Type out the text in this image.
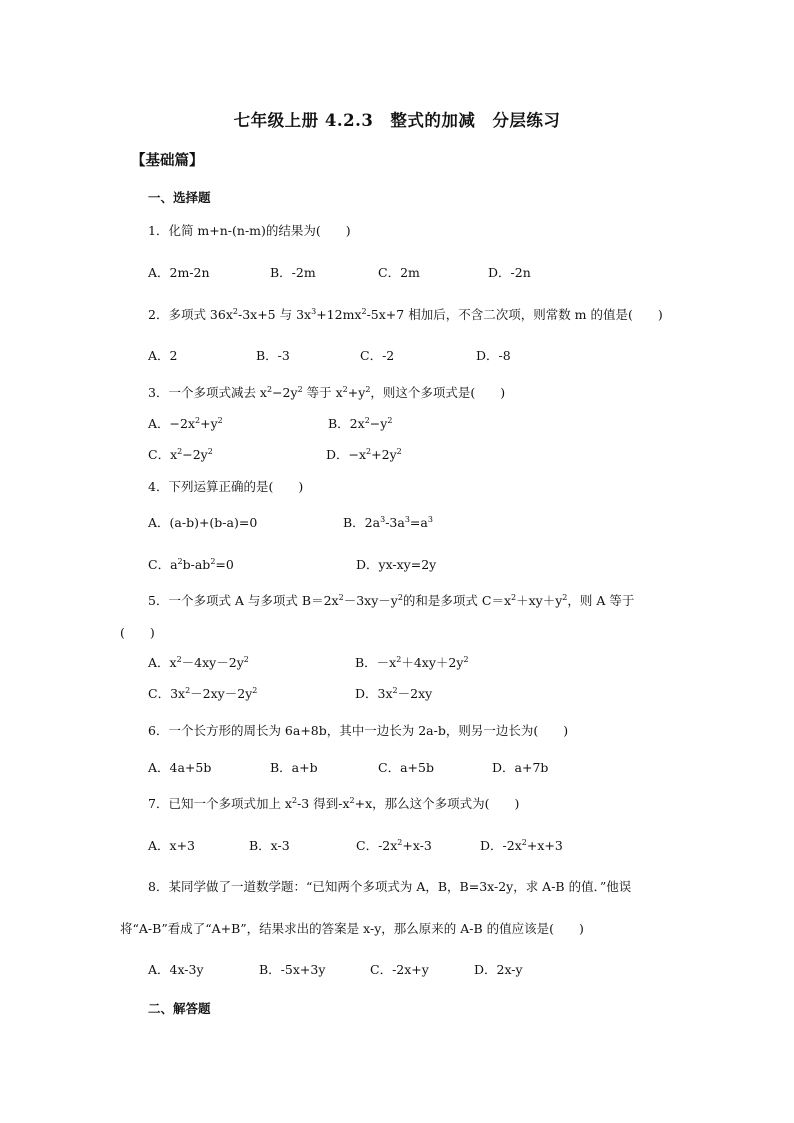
七年级上册 4.2.3　整式的加减　分层练习
【基础篇】
一、选择题
1．化简 m+n-(n-m)的结果为(　　)
A．2m-2n	B．-2m	C．2m	D．-2n
2．多项式 $36x^2-3x+5$ 与 $3x^3+12mx^2-5x+7$ 相加后，不含二次项，则常数 m 的值是(　　)
A．2	B．-3	C．-2	D．-8
3．一个多项式减去 $x^2-2y^2$ 等于 $x^2+y^2$，则这个多项式是(　　)
A．$-2x^2+y^2$	B．$2x^2-y^2$
C．$x^2-2y^2$	D．$-x^2+2y^2$
4．下列运算正确的是(　　)
A．(a-b)+(b-a)=0	B．$2a^3-3a^3=a^3$
C．$a^2b-ab^2=0$	D．yx-xy=2y
5．一个多项式 A 与多项式 $B=2x^2-3xy-y^2$的和是多项式 $C=x^2+xy+y^2$，则 A 等于
(　　)
A．$x^2-4xy-2y^2$	B．$-x^2+4xy+2y^2$
C．$3x^2-2xy-2y^2$	D．$3x^2-2xy$
6．一个长方形的周长为 6a+8b，其中一边长为 2a-b，则另一边长为(　　)
A．4a+5b	B．a+b	C．a+5b	D．a+7b
7．已知一个多项式加上 $x^2-3$ 得到$-x^2+x$，那么这个多项式为(　　)
A．x+3	B．x-3	C．$-2x^2+x-3$	D．$-2x^2+x+3$
8．某同学做了一道数学题：“已知两个多项式为 A，B，B=3x-2y，求 A-B 的值．”他误
将“A-B”看成了“A+B”，结果求出的答案是 x-y，那么原来的 A-B 的值应该是(　　)
A．4x-3y	B．-5x+3y	C．-2x+y	D．2x-y
二、解答题
